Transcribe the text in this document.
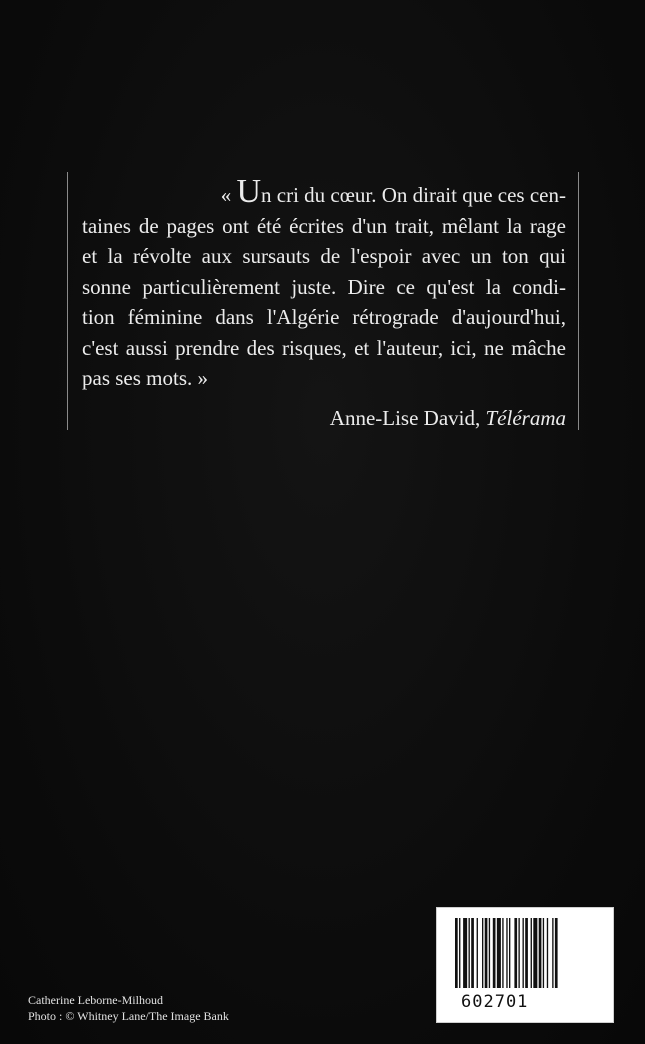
« Un cri du cœur. On dirait que ces cen-
taines de pages ont été écrites d'un trait, mêlant la rage
et la révolte aux sursauts de l'espoir avec un ton qui
sonne particulièrement juste. Dire ce qu'est la condi-
tion féminine dans l'Algérie rétrograde d'aujourd'hui,
c'est aussi prendre des risques, et l'auteur, ici, ne mâche
pas ses mots. »
Anne-Lise David, Télérama
Catherine Leborne-Milhoud
Photo : © Whitney Lane/The Image Bank
602701
